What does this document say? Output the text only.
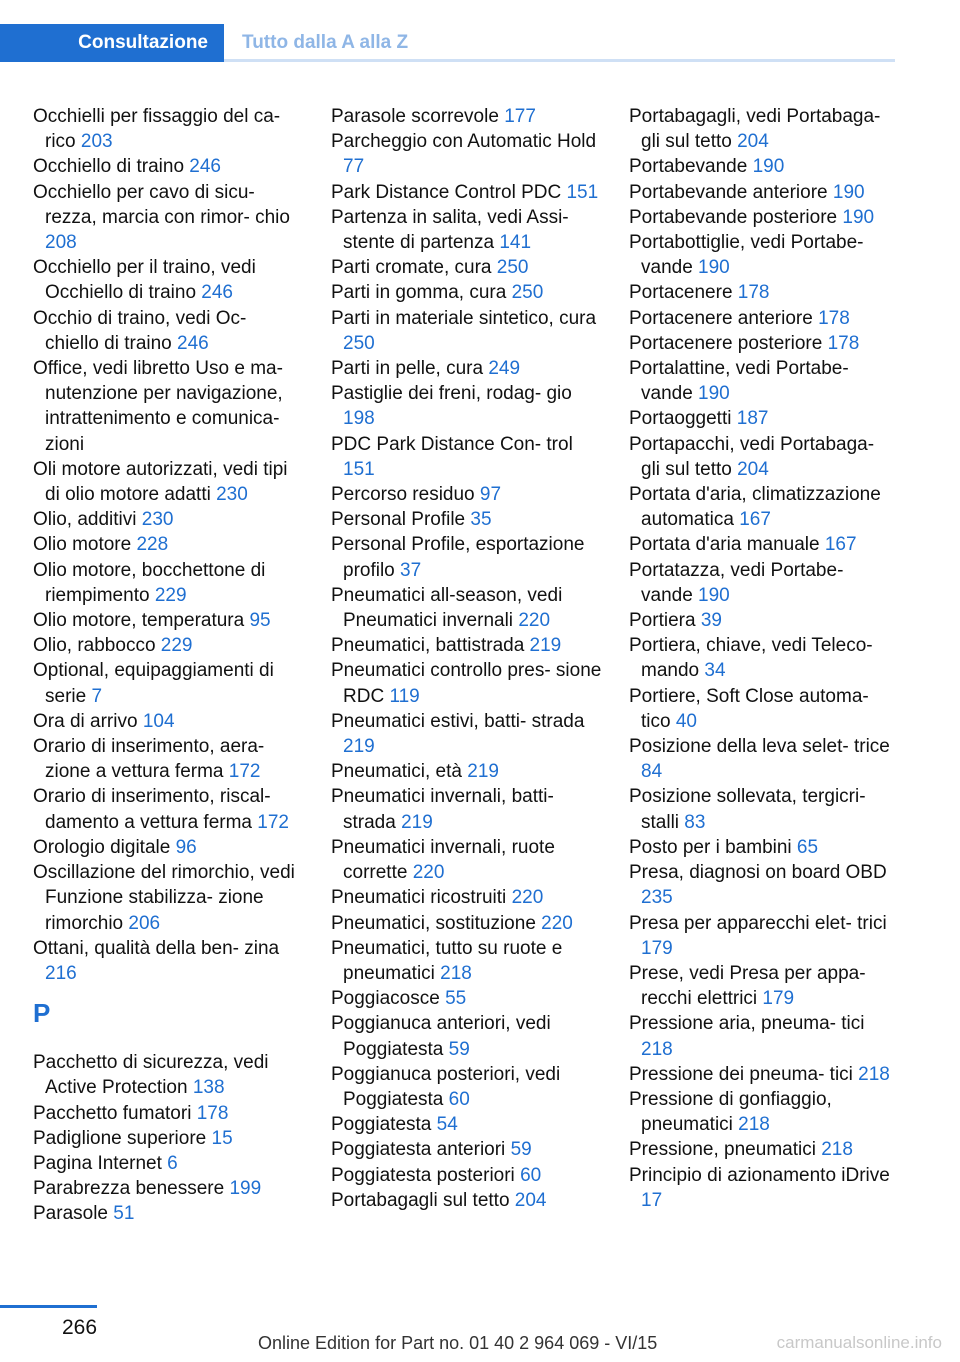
Consultazione Tutto dalla A alla Z
Occhielli per fissaggio del ca‐ rico 203
Occhiello di traino 246
Occhiello per cavo di sicu‐ rezza, marcia con rimor‐ chio 208
Occhiello per il traino, vedi Occhiello di traino 246
Occhio di traino, vedi Oc‐ chiello di traino 246
Office, vedi libretto Uso e ma‐ nutenzione per navigazione, intrattenimento e comunica‐ zioni
Oli motore autorizzati, vedi tipi di olio motore adatti 230
Olio, additivi 230
Olio motore 228
Olio motore, bocchettone di riempimento 229
Olio motore, temperatura 95
Olio, rabbocco 229
Optional, equipaggiamenti di serie 7
Ora di arrivo 104
Orario di inserimento, aera‐ zione a vettura ferma 172
Orario di inserimento, riscal‐ damento a vettura ferma 172
Orologio digitale 96
Oscillazione del rimorchio, vedi Funzione stabilizza‐ zione rimorchio 206
Ottani, qualità della ben‐ zina 216
P
Pacchetto di sicurezza, vedi Active Protection 138
Pacchetto fumatori 178
Padiglione superiore 15
Pagina Internet 6
Parabrezza benessere 199
Parasole 51
Parasole scorrevole 177
Parcheggio con Automatic Hold 77
Park Distance Control PDC 151
Partenza in salita, vedi Assi‐ stente di partenza 141
Parti cromate, cura 250
Parti in gomma, cura 250
Parti in materiale sintetico, cura 250
Parti in pelle, cura 249
Pastiglie dei freni, rodag‐ gio 198
PDC Park Distance Con‐ trol 151
Percorso residuo 97
Personal Profile 35
Personal Profile, esportazione profilo 37
Pneumatici all-season, vedi Pneumatici invernali 220
Pneumatici, battistrada 219
Pneumatici controllo pres‐ sione RDC 119
Pneumatici estivi, batti‐ strada 219
Pneumatici, età 219
Pneumatici invernali, batti‐ strada 219
Pneumatici invernali, ruote corrette 220
Pneumatici ricostruiti 220
Pneumatici, sostituzione 220
Pneumatici, tutto su ruote e pneumatici 218
Poggiacosce 55
Poggianuca anteriori, vedi Poggiatesta 59
Poggianuca posteriori, vedi Poggiatesta 60
Poggiatesta 54
Poggiatesta anteriori 59
Poggiatesta posteriori 60
Portabagagli sul tetto 204
Portabagagli, vedi Portabaga‐ gli sul tetto 204
Portabevande 190
Portabevande anteriore 190
Portabevande posteriore 190
Portabottiglie, vedi Portabe‐ vande 190
Portacenere 178
Portacenere anteriore 178
Portacenere posteriore 178
Portalattine, vedi Portabe‐ vande 190
Portaoggetti 187
Portapacchi, vedi Portabaga‐ gli sul tetto 204
Portata d'aria, climatizzazione automatica 167
Portata d'aria manuale 167
Portatazza, vedi Portabe‐ vande 190
Portiera 39
Portiera, chiave, vedi Teleco‐ mando 34
Portiere, Soft Close automa‐ tico 40
Posizione della leva selet‐ trice 84
Posizione sollevata, tergicri‐ stalli 83
Posto per i bambini 65
Presa, diagnosi on board OBD 235
Presa per apparecchi elet‐ trici 179
Prese, vedi Presa per appa‐ recchi elettrici 179
Pressione aria, pneuma‐ tici 218
Pressione dei pneuma‐ tici 218
Pressione di gonfiaggio, pneumatici 218
Pressione, pneumatici 218
Principio di azionamento iDrive 17
266
Online Edition for Part no. 01 40 2 964 069 - VI/15	carmanualsonline.info
